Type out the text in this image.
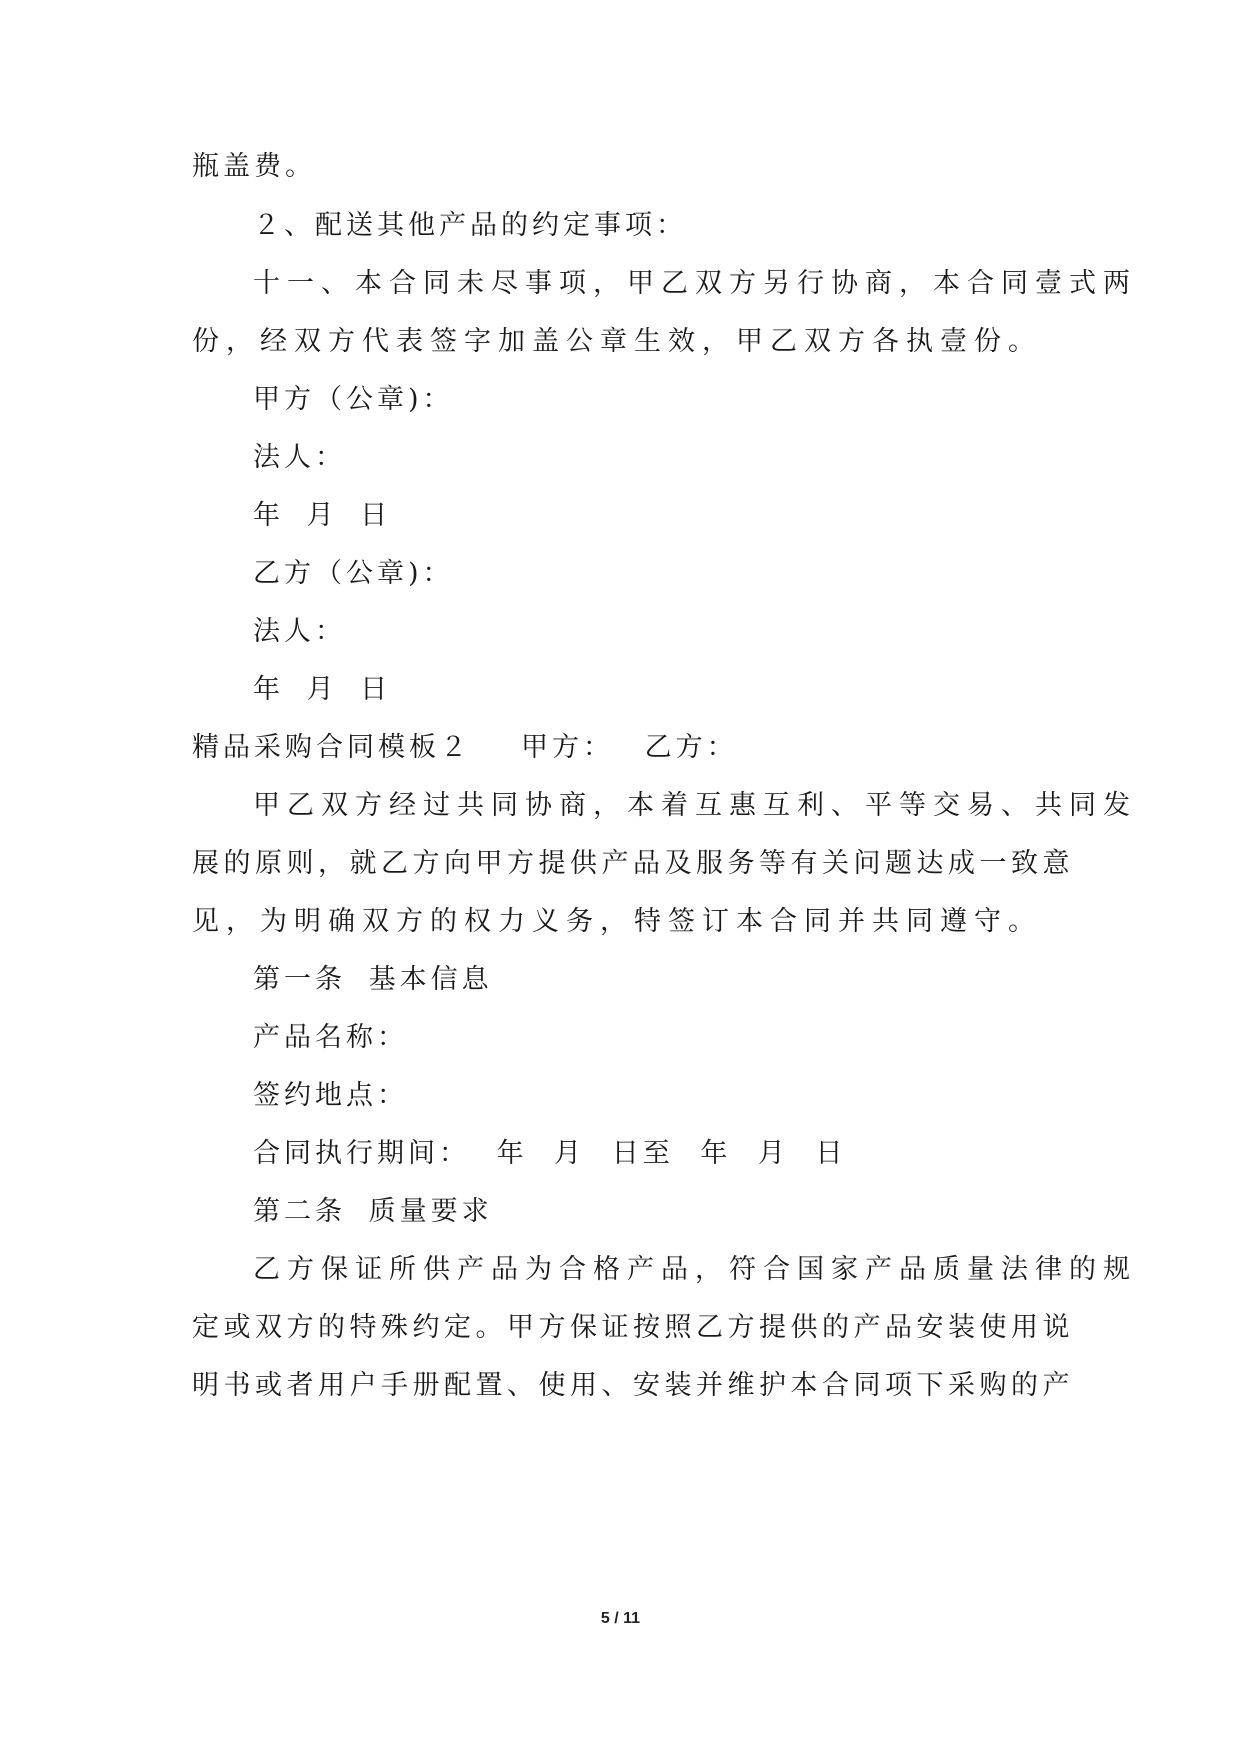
瓶盖费。
２、配送其他产品的约定事项：
十一、本合同未尽事项，甲乙双方另行协商，本合同壹式两
份，经双方代表签字加盖公章生效，甲乙双方各执壹份。
甲方（公章)：
法人：
年 月 日
乙方（公章)：
法人：
年 月 日
精品采购合同模板２ 甲方： 乙方：
甲乙双方经过共同协商，本着互惠互利、平等交易、共同发
展的原则，就乙方向甲方提供产品及服务等有关问题达成一致意
见，为明确双方的权力义务，特签订本合同并共同遵守。
第一条 基本信息
产品名称：
签约地点：
合同执行期间： 年 月 日至 年 月 日
第二条 质量要求
乙方保证所供产品为合格产品，符合国家产品质量法律的规
定或双方的特殊约定。甲方保证按照乙方提供的产品安装使用说
明书或者用户手册配置、使用、安装并维护本合同项下采购的产
5 / 11
